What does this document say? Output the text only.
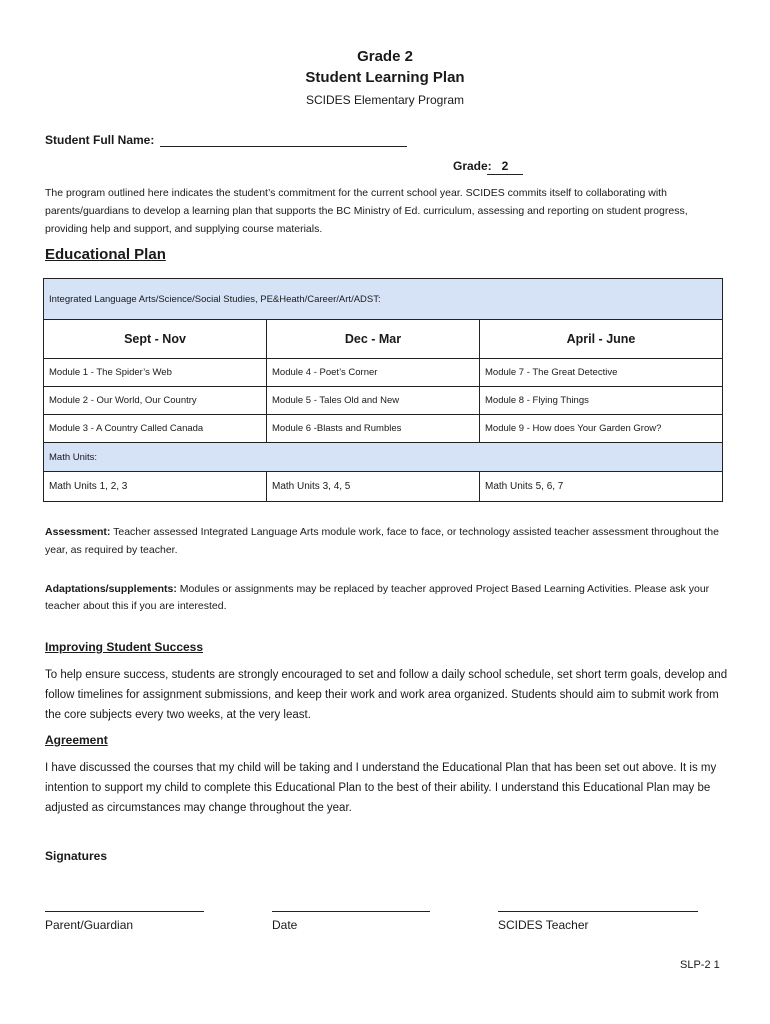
Grade 2
Student Learning Plan
SCIDES Elementary Program
Student Full Name:
Grade: 2
The program outlined here indicates the student’s commitment for the current school year. SCIDES commits itself to collaborating with parents/guardians to develop a learning plan that supports the BC Ministry of Ed. curriculum, assessing and reporting on student progress, providing help and support, and supplying course materials.
Educational Plan
Integrated Language Arts/Science/Social Studies, PE&Heath/Career/Art/ADST:		
Sept - Nov	Dec - Mar	April - June
Module 1 - The Spider’s Web	Module 4 - Poet’s Corner	Module 7 - The Great Detective
Module 2 - Our World, Our Country	Module 5 - Tales Old and New	Module 8 - Flying Things
Module 3 - A Country Called Canada	Module 6 -Blasts and Rumbles	Module 9 - How does Your Garden Grow?
Math Units:		
Math Units 1, 2, 3	Math Units 3, 4, 5	Math Units 5, 6, 7
Assessment: Teacher assessed Integrated Language Arts module work, face to face, or technology assisted teacher assessment throughout the year, as required by teacher.
Adaptations/supplements: Modules or assignments may be replaced by teacher approved Project Based Learning Activities. Please ask your teacher about this if you are interested.
Improving Student Success
To help ensure success, students are strongly encouraged to set and follow a daily school schedule, set short term goals, develop and follow timelines for assignment submissions, and keep their work and work area organized. Students should aim to submit work from the core subjects every two weeks, at the very least.
Agreement
I have discussed the courses that my child will be taking and I understand the Educational Plan that has been set out above. It is my intention to support my child to complete this Educational Plan to the best of their ability. I understand this Educational Plan may be adjusted as circumstances may change throughout the year.
Signatures
Parent/Guardian	Date	SCIDES Teacher
SLP-2 1
